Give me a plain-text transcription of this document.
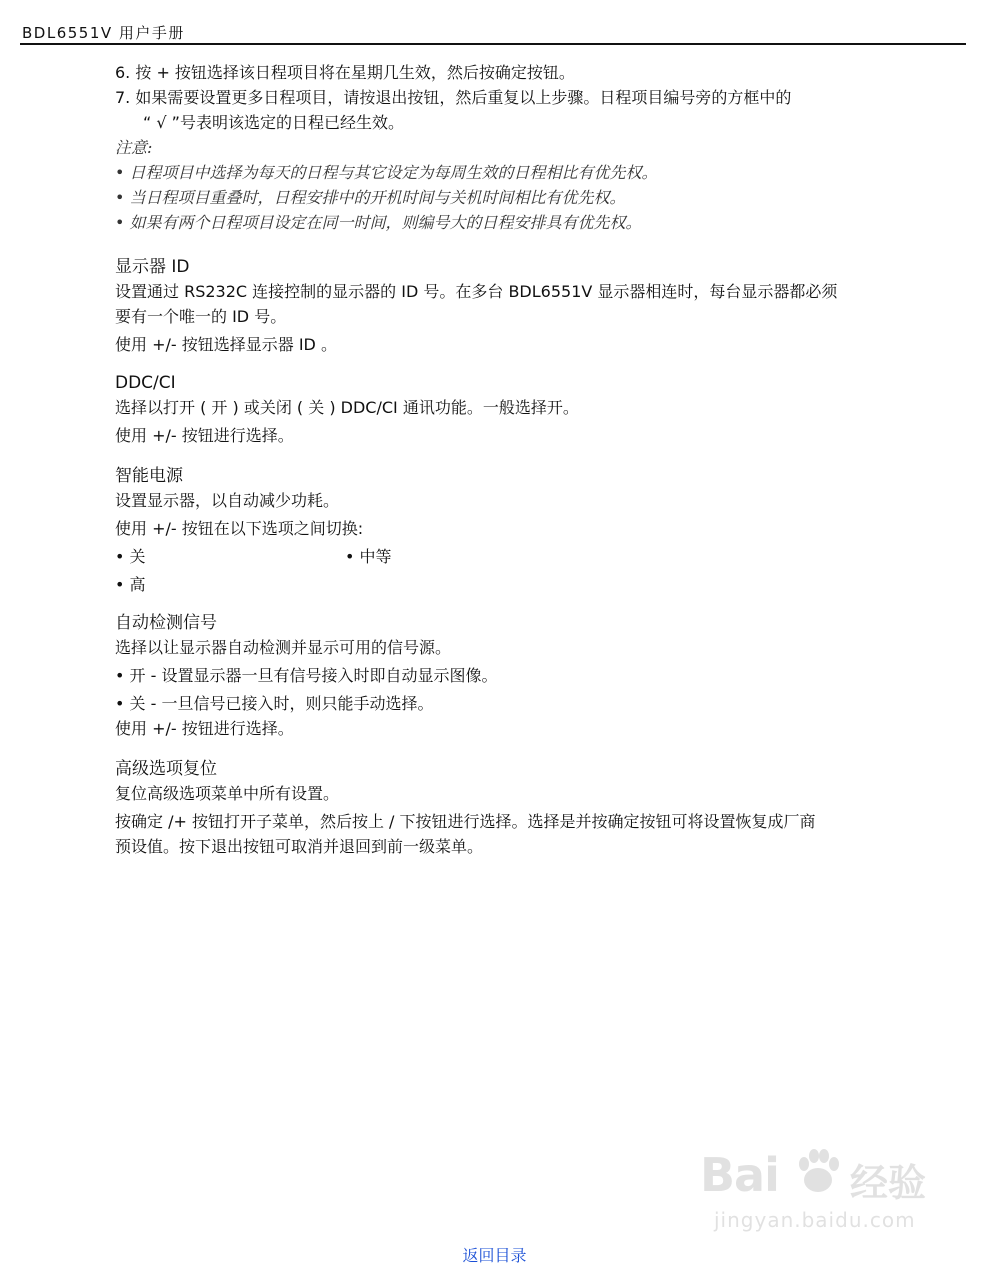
BDL6551V 用户手册

6. 按 + 按钮选择该日程项目将在星期几生效，然后按确定按钮。

7. 如果需要设置更多日程项目，请按退出按钮，然后重复以上步骤。日程项目编号旁的方框中的

“ √ ”号表明该选定的日程已经生效。

注意:

• 日程项目中选择为每天的日程与其它设定为每周生效的日程相比有优先权。

• 当日程项目重叠时，日程安排中的开机时间与关机时间相比有优先权。

• 如果有两个日程项目设定在同一时间，则编号大的日程安排具有优先权。

显示器 ID

设置通过 RS232C 连接控制的显示器的 ID 号。在多台 BDL6551V 显示器相连时，每台显示器都必须

要有一个唯一的 ID 号。

使用 +/- 按钮选择显示器 ID 。

DDC/CI

选择以打开 ( 开 ) 或关闭 ( 关 ) DDC/CI 通讯功能。一般选择开。

使用 +/- 按钮进行选择。

智能电源

设置显示器，以自动减少功耗。

使用 +/- 按钮在以下选项之间切换:

• 关	• 中等

• 高

自动检测信号

选择以让显示器自动检测并显示可用的信号源。

• 开 - 设置显示器一旦有信号接入时即自动显示图像。

• 关 - 一旦信号已接入时，则只能手动选择。

使用 +/- 按钮进行选择。

高级选项复位

复位高级选项菜单中所有设置。

按确定 /+ 按钮打开子菜单，然后按上 / 下按钮进行选择。选择是并按确定按钮可将设置恢复成厂商

预设值。按下退出按钮可取消并退回到前一级菜单。

Bai 经验
jingyan.baidu.com
返回目录
